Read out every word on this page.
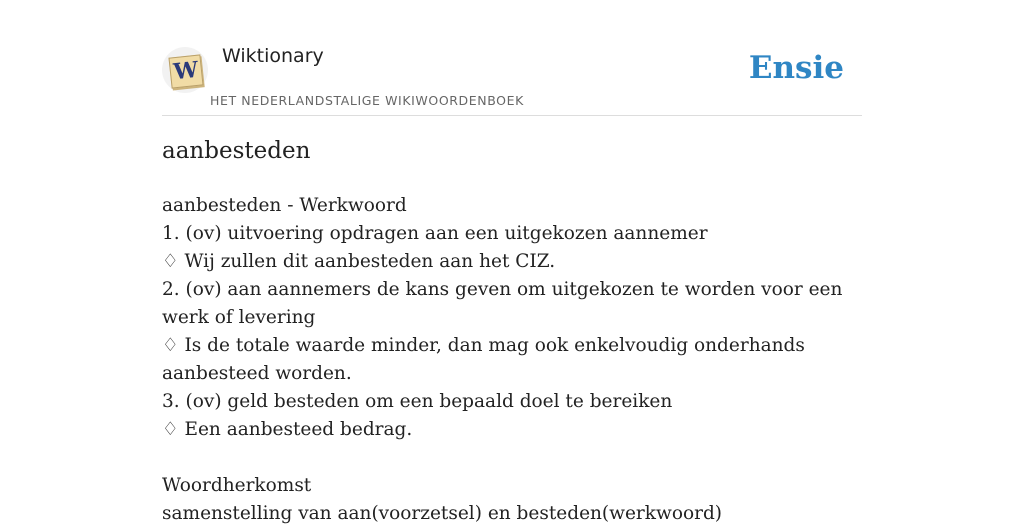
W
Wiktionary
HET NEDERLANDSTALIGE WIKIWOORDENBOEK
Ensie
aanbesteden

aanbesteden - Werkwoord

1. (ov) uitvoering opdragen aan een uitgekozen aannemer

♢ Wij zullen dit aanbesteden aan het CIZ.

2. (ov) aan aannemers de kans geven om uitgekozen te worden voor een werk of levering

♢ Is de totale waarde minder, dan mag ook enkelvoudig onderhands aanbesteed worden.

3. (ov) geld besteden om een bepaald doel te bereiken

♢ Een aanbesteed bedrag.

Woordherkomst

samenstelling van aan(voorzetsel) en besteden(werkwoord)
